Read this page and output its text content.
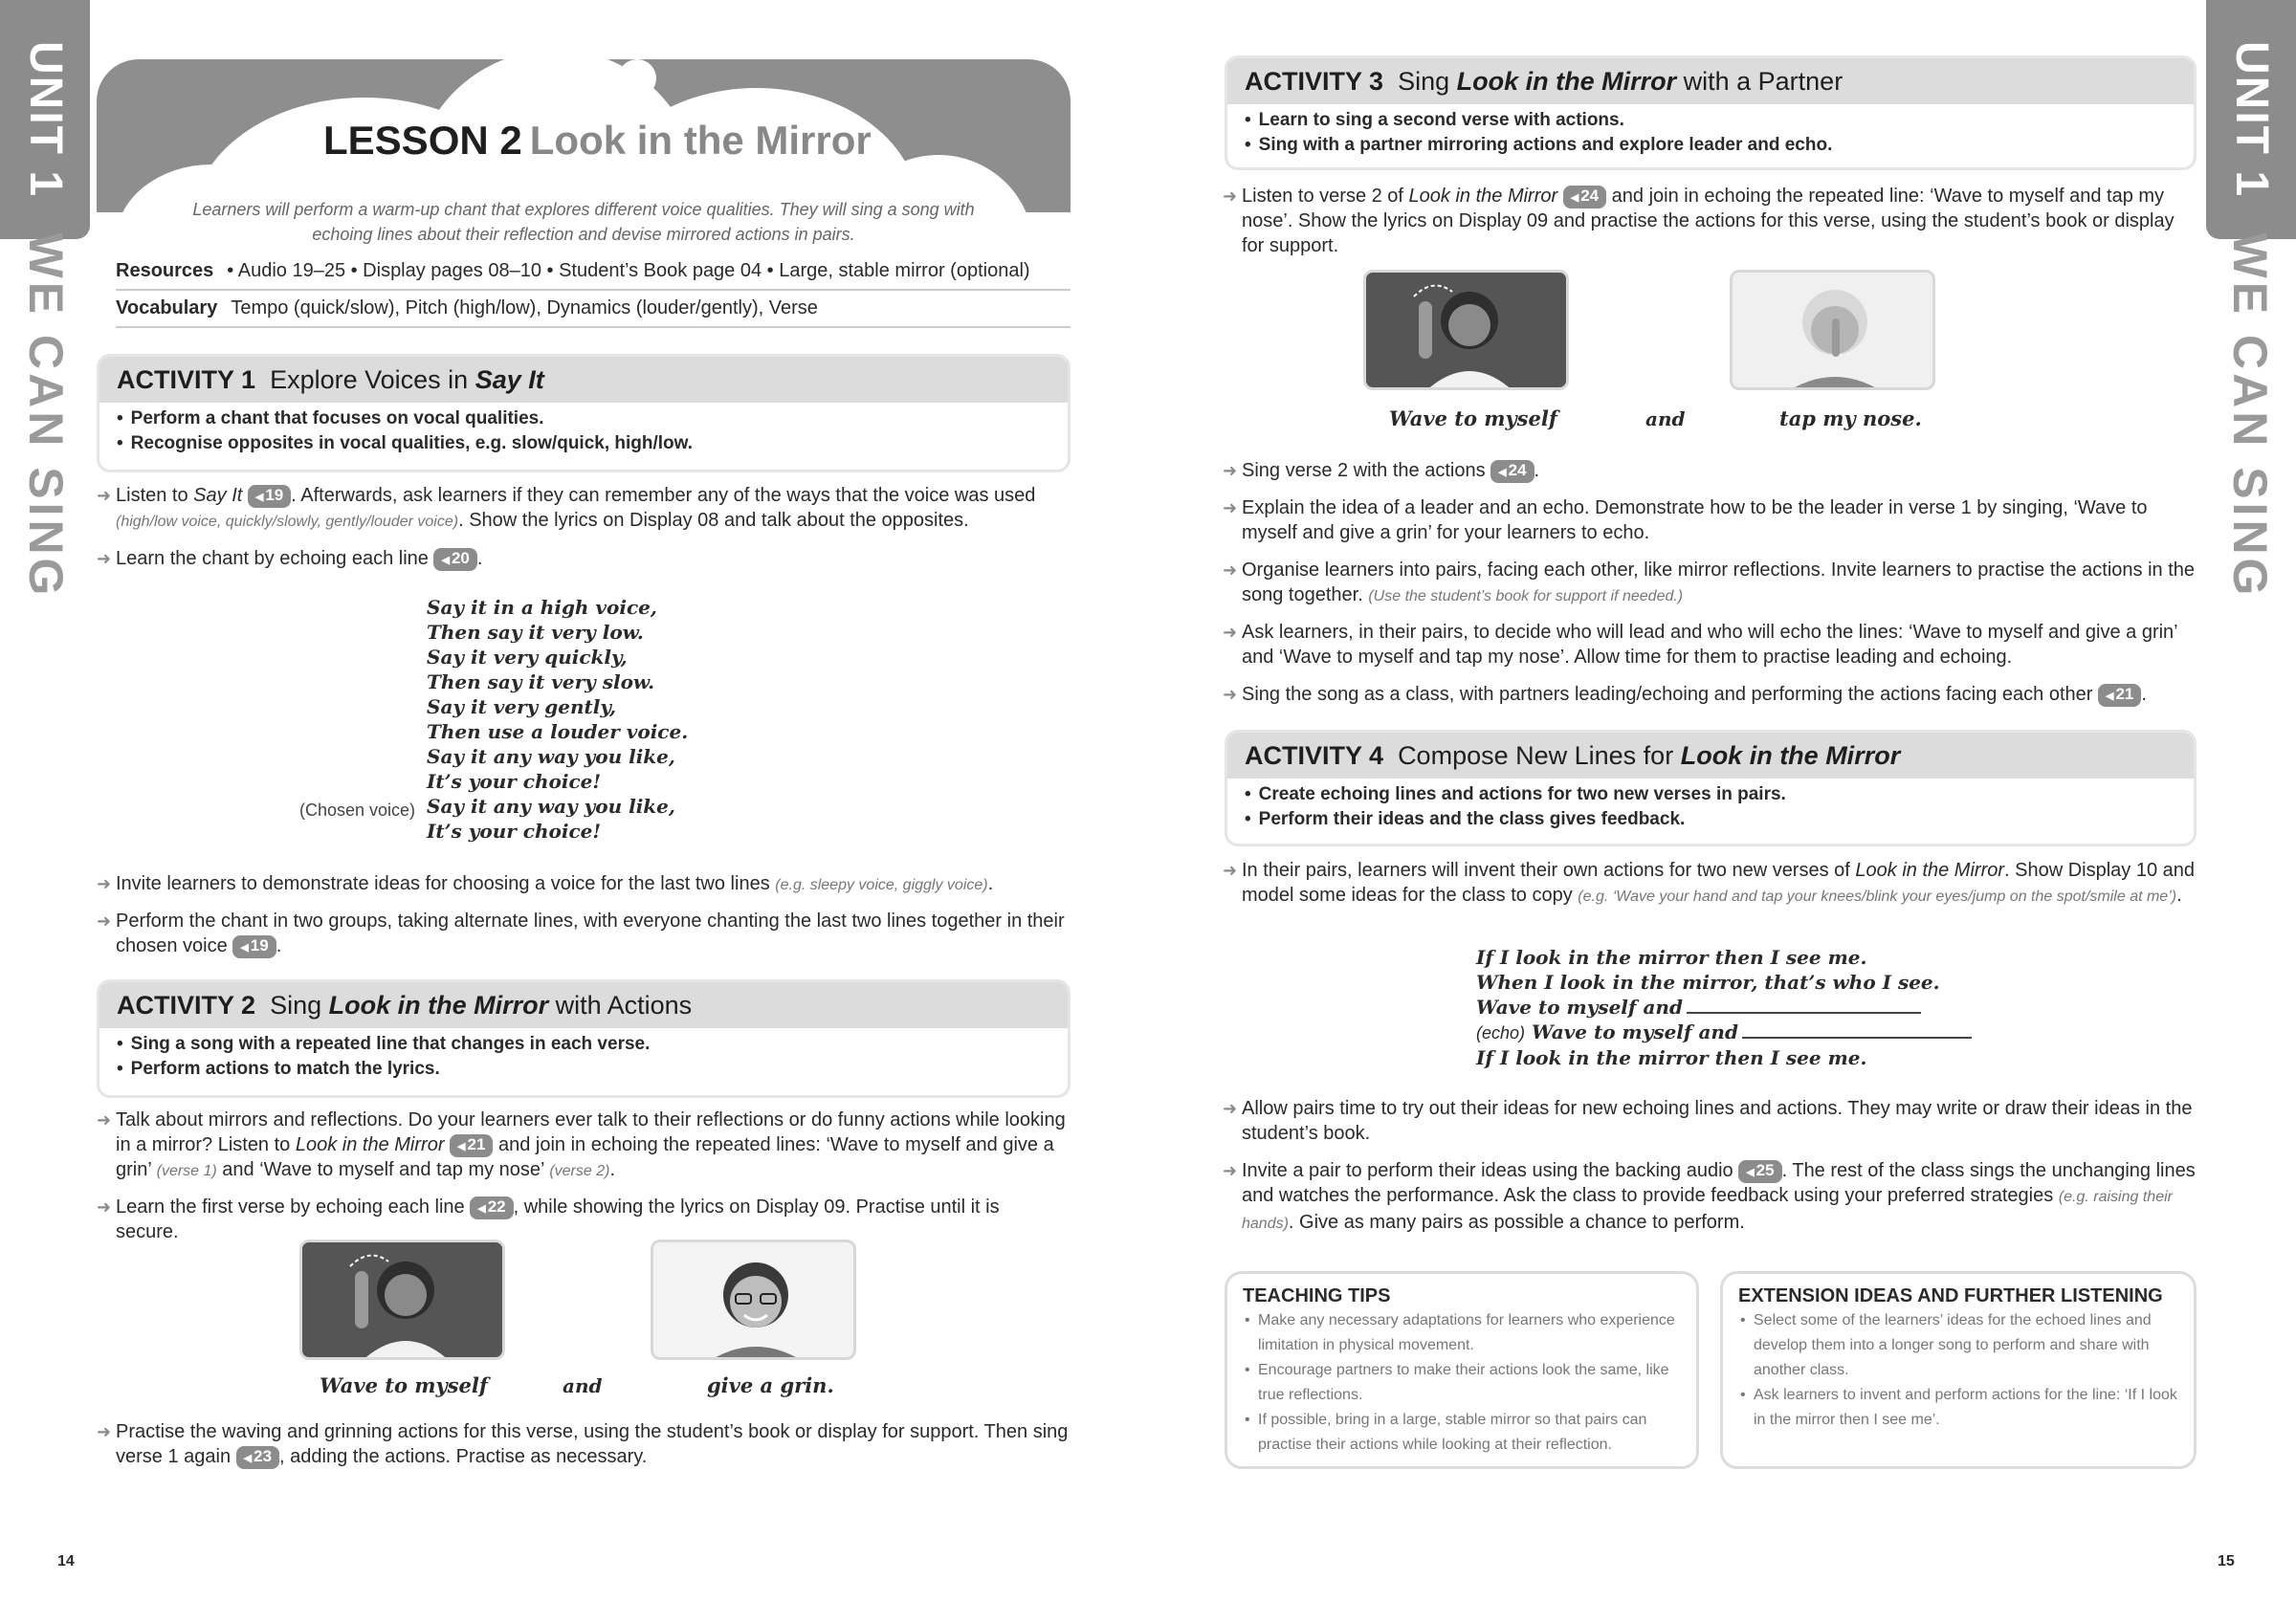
UNIT 1
WE CAN SING
UNIT 1
WE CAN SING
LESSON 2 Look in the Mirror
Learners will perform a warm-up chant that explores different voice qualities. They will sing a song with echoing lines about their reflection and devise mirrored actions in pairs.
Resources • Audio 19–25 • Display pages 08–10 • Student’s Book page 04 • Large, stable mirror (optional)
Vocabulary Tempo (quick/slow), Pitch (high/low), Dynamics (louder/gently), Verse
ACTIVITY 1 Explore Voices in Say It
• Perform a chant that focuses on vocal qualities.
• Recognise opposites in vocal qualities, e.g. slow/quick, high/low.
➜ Listen to Say It ◀ 19 . Afterwards, ask learners if they can remember any of the ways that the voice was used (high/low voice, quickly/slowly, gently/louder voice). Show the lyrics on Display 08 and talk about the opposites.
➜ Learn the chant by echoing each line ◀ 20 .
Say it in a high voice,
Then say it very low.
Say it very quickly,
Then say it very slow.
Say it very gently,
Then use a louder voice.
Say it any way you like,
It’s your choice!
Say it any way you like,
It’s your choice!
(Chosen voice)
➜ Invite learners to demonstrate ideas for choosing a voice for the last two lines (e.g. sleepy voice, giggly voice).
➜ Perform the chant in two groups, taking alternate lines, with everyone chanting the last two lines together in their chosen voice ◀ 19 .
ACTIVITY 2 Sing Look in the Mirror with Actions
• Sing a song with a repeated line that changes in each verse.
• Perform actions to match the lyrics.
➜ Talk about mirrors and reflections. Do your learners ever talk to their reflections or do funny actions while looking in a mirror? Listen to Look in the Mirror ◀ 21 and join in echoing the repeated lines: ‘Wave to myself and give a grin’ (verse 1) and ‘Wave to myself and tap my nose’ (verse 2).
➜ Learn the first verse by echoing each line ◀ 22 , while showing the lyrics on Display 09. Practise until it is secure.
Wave to myself	and	give a grin.
➜ Practise the waving and grinning actions for this verse, using the student’s book or display for support. Then sing verse 1 again ◀ 23 , adding the actions. Practise as necessary.
14
ACTIVITY 3 Sing Look in the Mirror with a Partner
• Learn to sing a second verse with actions.
• Sing with a partner mirroring actions and explore leader and echo.
➜ Listen to verse 2 of Look in the Mirror ◀ 24 and join in echoing the repeated line: ‘Wave to myself and tap my nose’. Show the lyrics on Display 09 and practise the actions for this verse, using the student’s book or display for support.
Wave to myself	and	tap my nose.
➜ Sing verse 2 with the actions ◀ 24 .
➜ Explain the idea of a leader and an echo. Demonstrate how to be the leader in verse 1 by singing, ‘Wave to myself and give a grin’ for your learners to echo.
➜ Organise learners into pairs, facing each other, like mirror reflections. Invite learners to practise the actions in the song together. (Use the student’s book for support if needed.)
➜ Ask learners, in their pairs, to decide who will lead and who will echo the lines: ‘Wave to myself and give a grin’ and ‘Wave to myself and tap my nose’. Allow time for them to practise leading and echoing.
➜ Sing the song as a class, with partners leading/echoing and performing the actions facing each other ◀ 21 .
ACTIVITY 4 Compose New Lines for Look in the Mirror
• Create echoing lines and actions for two new verses in pairs.
• Perform their ideas and the class gives feedback.
➜ In their pairs, learners will invent their own actions for two new verses of Look in the Mirror. Show Display 10 and model some ideas for the class to copy (e.g. ‘Wave your hand and tap your knees/blink your eyes/jump on the spot/smile at me’).
If I look in the mirror then I see me.
When I look in the mirror, that’s who I see.
Wave to myself and
(echo) Wave to myself and
If I look in the mirror then I see me.
➜ Allow pairs time to try out their ideas for new echoing lines and actions. They may write or draw their ideas in the student’s book.
➜ Invite a pair to perform their ideas using the backing audio ◀ 25 . The rest of the class sings the unchanging lines and watches the performance. Ask the class to provide feedback using your preferred strategies (e.g. raising their hands). Give as many pairs as possible a chance to perform.
TEACHING TIPS
• Make any necessary adaptations for learners who experience limitation in physical movement.
• Encourage partners to make their actions look the same, like true reflections.
• If possible, bring in a large, stable mirror so that pairs can practise their actions while looking at their reflection.
EXTENSION IDEAS AND FURTHER LISTENING
• Select some of the learners’ ideas for the echoed lines and develop them into a longer song to perform and share with another class.
• Ask learners to invent and perform actions for the line: ‘If I look in the mirror then I see me’.
15
